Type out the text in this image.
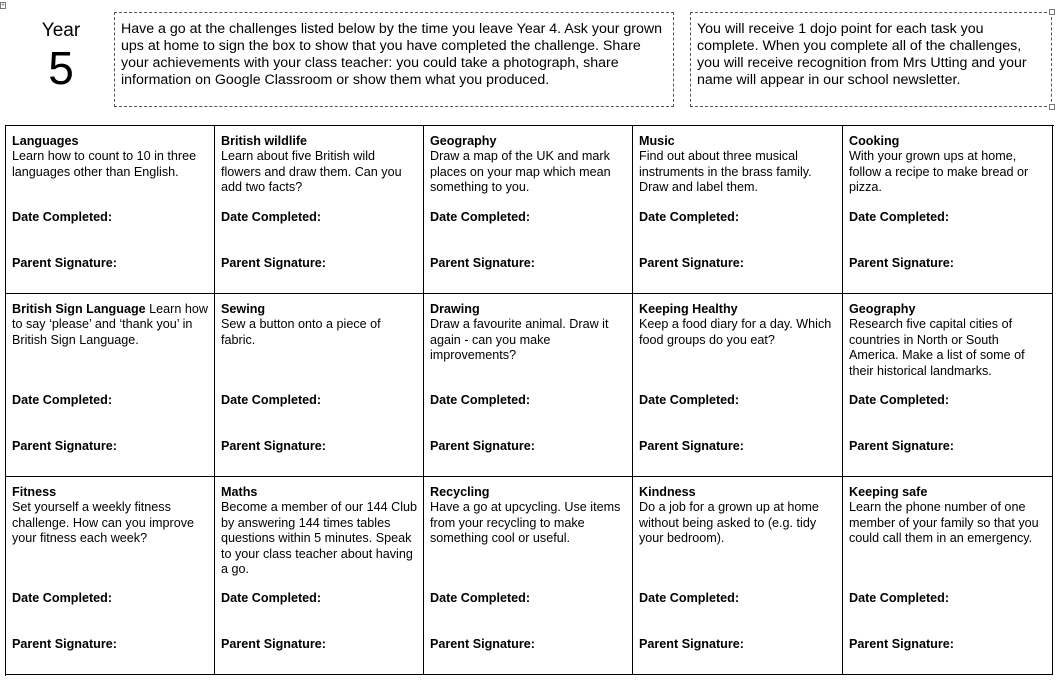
+
Year
5
Have a go at the challenges listed below by the time you leave Year 4. Ask your grown ups at home to sign the box to show that you have completed the challenge. Share your achievements with your class teacher: you could take a photograph, share information on Google Classroom or show them what you produced.
You will receive 1 dojo point for each task you complete. When you complete all of the challenges, you will receive recognition from Mrs Utting and your name will appear in our school newsletter.
Languages
Learn how to count to 10 in three languages other than English.
Date Completed:
Parent Signature:
British wildlife
Learn about five British wild flowers and draw them. Can you add two facts?
Date Completed:
Parent Signature:
Geography
Draw a map of the UK and mark places on your map which mean something to you.
Date Completed:
Parent Signature:
Music
Find out about three musical instruments in the brass family. Draw and label them.
Date Completed:
Parent Signature:
Cooking
With your grown ups at home, follow a recipe to make bread or pizza.
Date Completed:
Parent Signature:
British Sign Language Learn how to say ‘please’ and ‘thank you’ in British Sign Language.
Date Completed:
Parent Signature:
Sewing
Sew a button onto a piece of fabric.
Date Completed:
Parent Signature:
Drawing
Draw a favourite animal. Draw it again - can you make improvements?
Date Completed:
Parent Signature:
Keeping Healthy
Keep a food diary for a day. Which food groups do you eat?
Date Completed:
Parent Signature:
Geography
Research five capital cities of countries in North or South America. Make a list of some of their historical landmarks.
Date Completed:
Parent Signature:
Fitness
Set yourself a weekly fitness challenge. How can you improve your fitness each week?
Date Completed:
Parent Signature:
Maths
Become a member of our 144 Club by answering 144 times tables questions within 5 minutes. Speak to your class teacher about having a go.
Date Completed:
Parent Signature:
Recycling
Have a go at upcycling. Use items from your recycling to make something cool or useful.
Date Completed:
Parent Signature:
Kindness
Do a job for a grown up at home without being asked to (e.g. tidy your bedroom).
Date Completed:
Parent Signature:
Keeping safe
Learn the phone number of one member of your family so that you could call them in an emergency.
Date Completed:
Parent Signature:
